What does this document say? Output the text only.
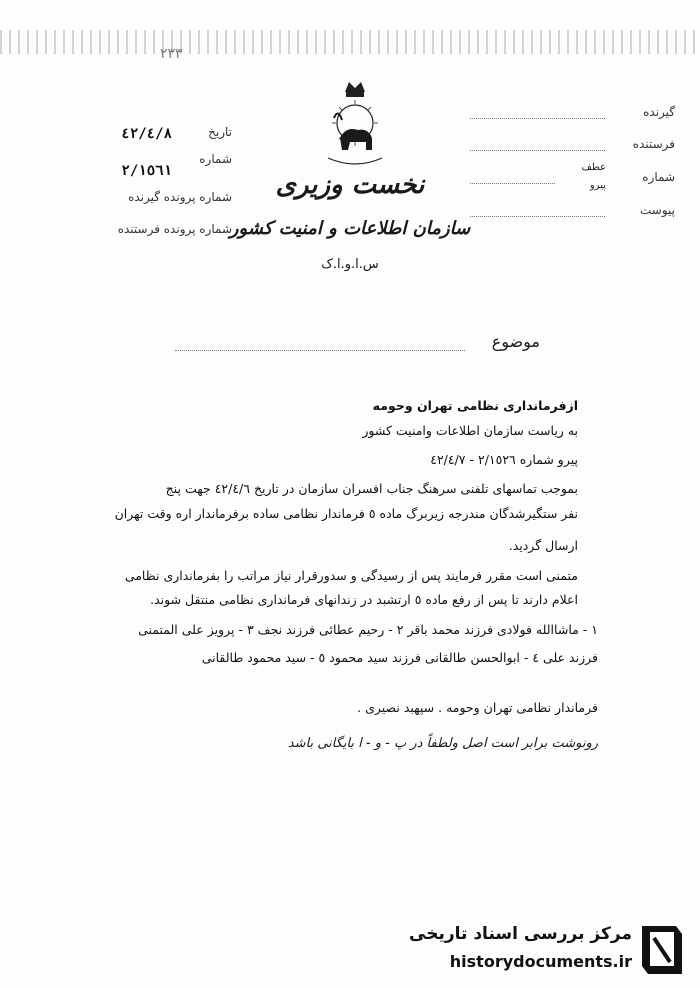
٢٣٣
تاریخ
٤٢/٤/٨
شماره
٢/١٥٦١
شماره پرونده گیرنده
شماره پرونده فرستنده
نخست وزیری
سازمان اطلاعات و امنیت کشور
س.ا.و.ا.ک
گیرنده
فرستنده
شماره
عطف
پیرو
پیوست
موضوع
ازفرمانداری نظامی تهران وحومه
به ریاست سازمان اطلاعات وامنیت کشور
پیرو شماره ٢/١٥٢٦ - ٤٢/٤/٧
بموجب تماسهای تلفنی سرهنگ جناب افسران سازمان در تاریخ ٤٢/٤/٦ جهت پنج
نفر ستگیرشدگان مندرجه زیربرگ ماده ٥ فرماندار نظامی ساده برفرماندار اره وقت تهران
ارسال گردید.
متمنی است مقرر فرمایند پس از رسیدگی و سدورقرار نیاز مراتب را بفرمانداری نظامی
اعلام دارند تا پس از رفع ماده ٥ ارتشبد در زندانهای فرمانداری نظامی منتقل شوند.
١ - ماشاالله فولادی فرزند محمد باقر ٢ - رحیم عطائی فرزند نجف ٣ - پرویز علی المتمنی
فرزند علی ٤ - ابوالحسن طالقانی فرزند سید محمود ٥ - سید محمود طالقانی
فرماندار نظامی تهران وحومه . سپهبد نصیری .
رونوشت برابر است اصل ولطفاً در پ - و - ا بایگانی باشد
مرکز بررسی اسناد تاریخی
historydocuments.ir
